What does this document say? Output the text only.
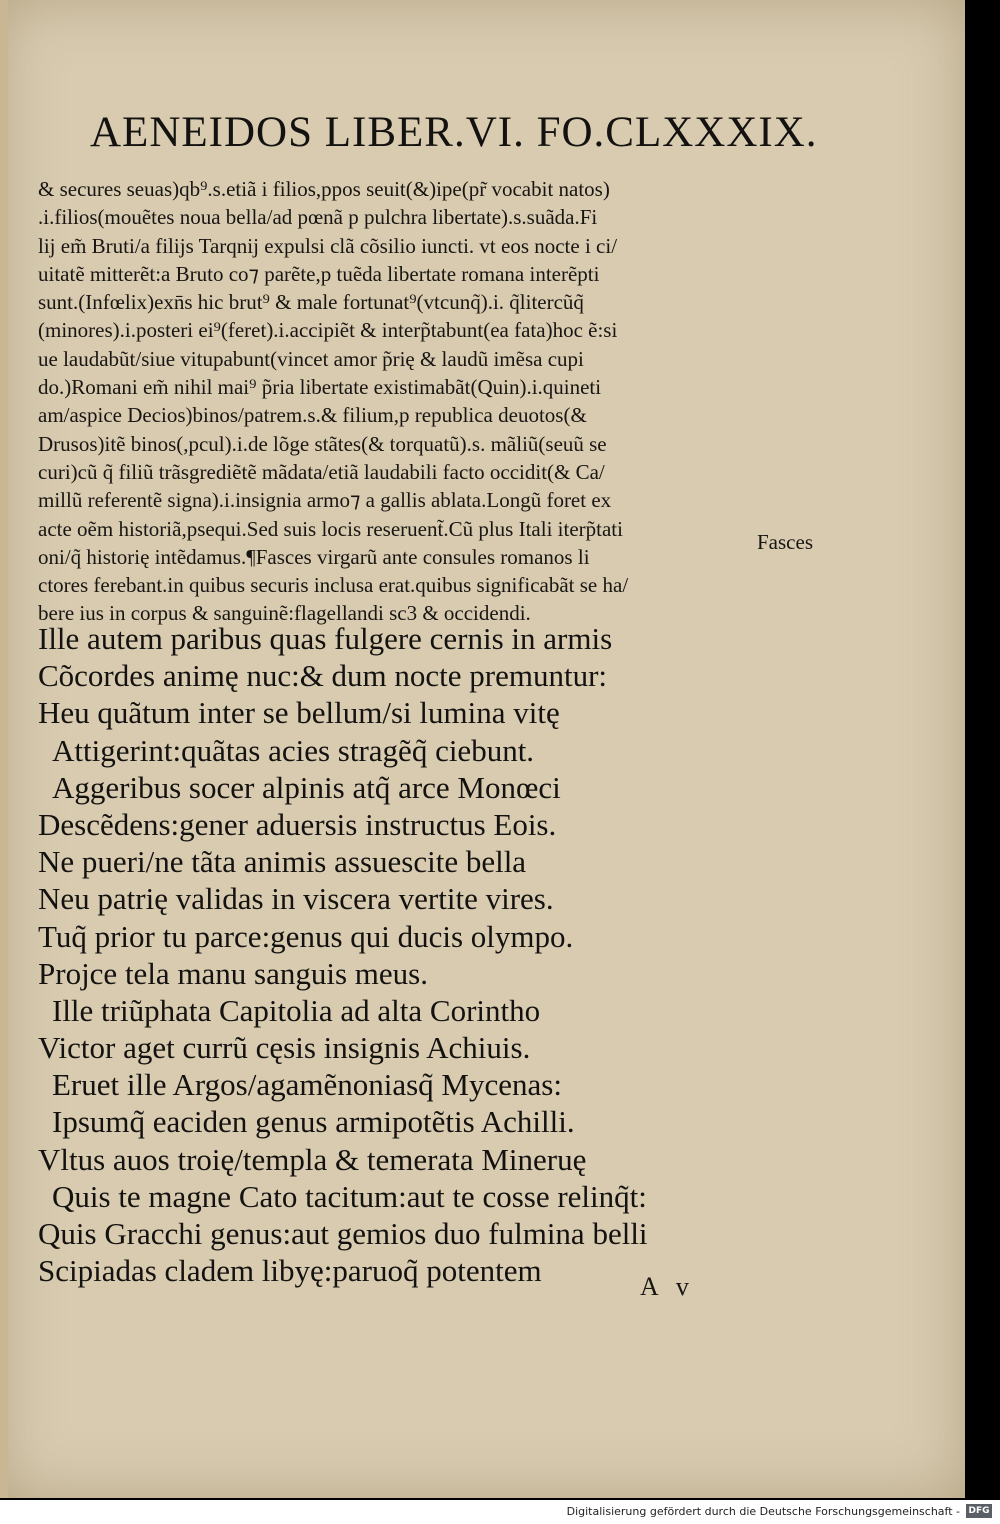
AENEIDOS LIBER.VI. FO.CLXXXIX.
& secures seuas)qb⁹.s.etiã i filios,ppos seuit(&)ipe(pr̃ vocabit natos)
.i.filios(mouẽtes noua bella/ad pœnã p pulchra libertate).s.suãda.Fi
lij em̃ Bruti/a filijs Tarqnij expulsi clã cõsilio iuncti. vt eos nocte i ci/
uitatẽ mitterẽt:a Bruto co⁊ parẽte,p tuẽda libertate romana interẽpti
sunt.(Infœlix)exn̄s hic brut⁹ & male fortunat⁹(vtcunq̃).i. q̃litercũq̃
(minores).i.posteri ei⁹(feret).i.accipiẽt & interp̃tabunt(ea fata)hoc ẽ:si
ue laudabũt/siue vitupabunt(vincet amor p̃rię & laudũ imẽsa cupi
do.)Romani em̃ nihil mai⁹ p̃ria libertate existimabãt(Quin).i.quineti
am/aspice Decios)binos/patrem.s.& filium,p republica deuotos(&
Drusos)itẽ binos(,pcul).i.de lõge stãtes(& torquatũ).s. mãliũ(seuũ se
curi)cũ q̃ filiũ trãsgrediẽtẽ mãdata/etiã laudabili facto occidit(& Ca/
millũ referentẽ signa).i.insignia armo⁊ a gallis ablata.Longũ foret ex
acte oẽm historiã,psequi.Sed suis locis reseruent̃.Cũ plus Itali iterp̃tati
oni/q̃ historię intẽdamus.¶Fasces virgarũ ante consules romanos li
ctores ferebant.in quibus securis inclusa erat.quibus significabãt se ha/
bere ius in corpus & sanguinẽ:flagellandi sc3 & occidendi.
Fasces
Ille autem paribus quas fulgere cernis in armis
Cõcordes animę nuc:& dum nocte premuntur:
Heu quãtum inter se bellum/si lumina vitę
Attigerint:quãtas acies stragẽq̃ ciebunt.
Aggeribus socer alpinis atq̃ arce Monœci
Descẽdens:gener aduersis instructus Eois.
Ne pueri/ne tãta animis assuescite bella
Neu patrię validas in viscera vertite vires.
Tuq̃ prior tu parce:genus qui ducis olympo.
Projce tela manu sanguis meus.
Ille triũphata Capitolia ad alta Corintho
Victor aget currũ cęsis insignis Achiuis.
Eruet ille Argos/agamẽnoniasq̃ Mycenas:
Ipsumq̃ eaciden genus armipotẽtis Achilli.
Vltus auos troię/templa & temerata Mineruę
Quis te magne Cato tacitum:aut te cosse relinq̃t:
Quis Gracchi genus:aut gemios duo fulmina belli
Scipiadas cladem libyę:paruoq̃ potentem	A v
Digitalisierung gefördert durch die Deutsche Forschungsgemeinschaft - DFG
